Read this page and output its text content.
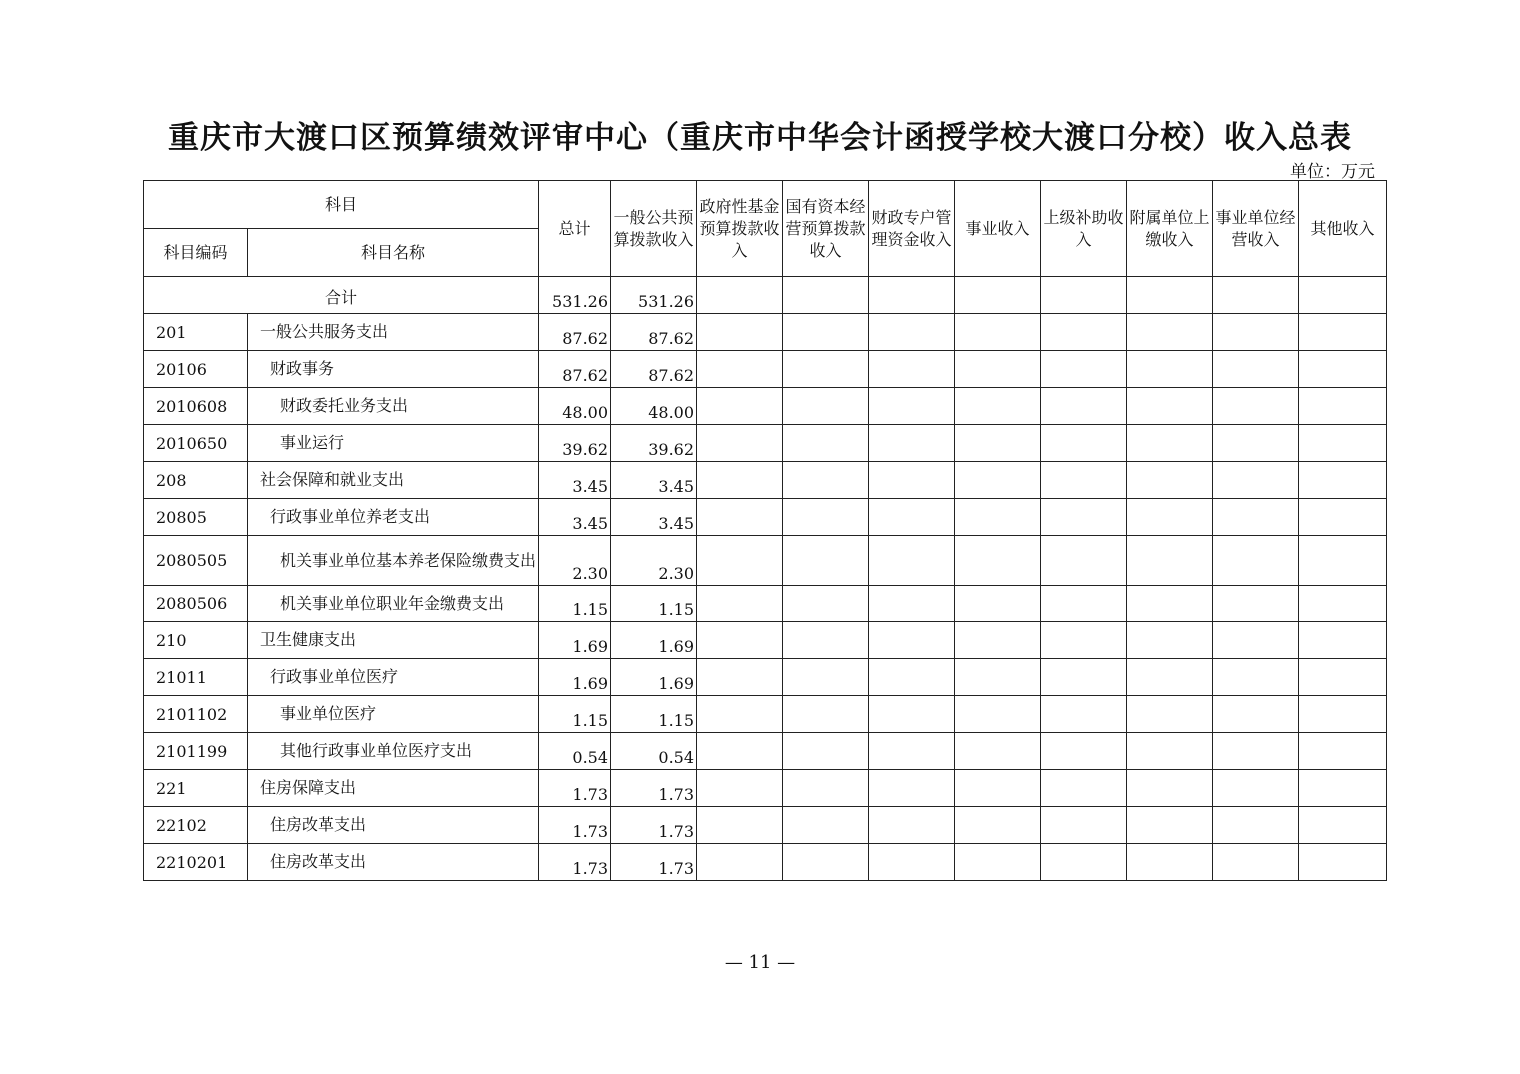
重庆市大渡口区预算绩效评审中心（重庆市中华会计函授学校大渡口分校）收入总表
单位：万元
科目		总计	一般公共预算拨款收入	政府性基金预算拨款收入	国有资本经营预算拨款收入	财政专户管理资金收入	事业收入	上级补助收入	附属单位上缴收入	事业单位经营收入	其他收入
科目编码	科目名称										
合计		531.26	531.26								
201	一般公共服务支出	87.62	87.62								
20106	财政事务	87.62	87.62								
2010608	财政委托业务支出	48.00	48.00								
2010650	事业运行	39.62	39.62								
208	社会保障和就业支出	3.45	3.45								
20805	行政事业单位养老支出	3.45	3.45								
2080505	机关事业单位基本养老保险缴费支出	2.30	2.30								
2080506	机关事业单位职业年金缴费支出	1.15	1.15								
210	卫生健康支出	1.69	1.69								
21011	行政事业单位医疗	1.69	1.69								
2101102	事业单位医疗	1.15	1.15								
2101199	其他行政事业单位医疗支出	0.54	0.54								
221	住房保障支出	1.73	1.73								
22102	住房改革支出	1.73	1.73								
2210201	住房改革支出	1.73	1.73								
— 11 —
